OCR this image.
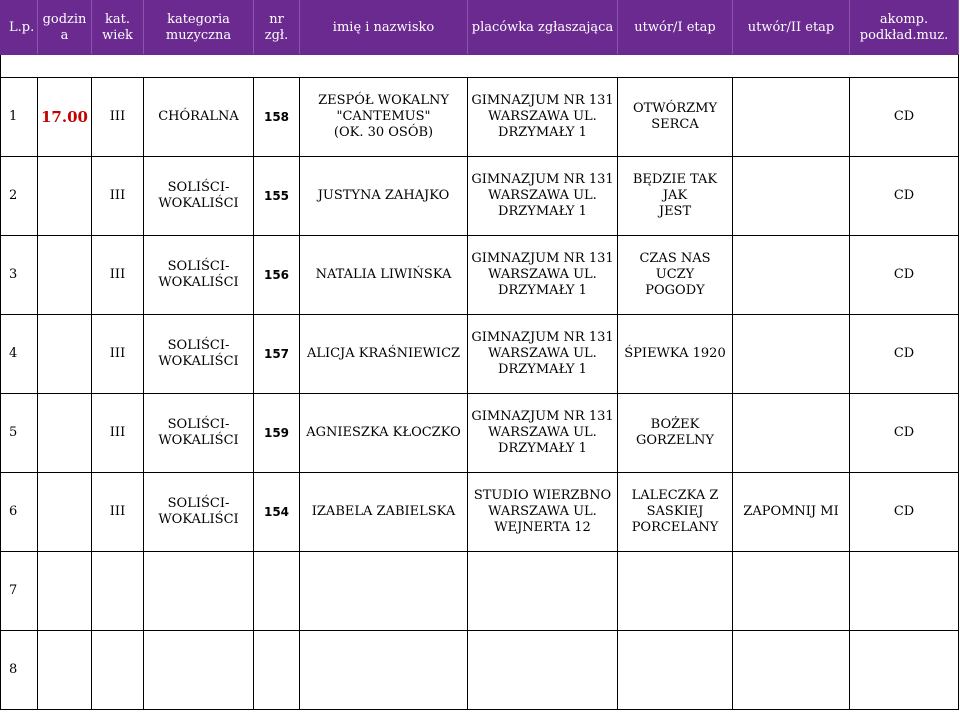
L.p.	godzina	kat.
wiek	kategoria
muzyczna	nr zgł.	imię i nazwisko	placówka zgłaszająca	utwór/I etap	utwór/II etap	akomp.
podkład.muz.

1	17.00	III	CHÓRALNA	158	ZESPÓŁ WOKALNY
"CANTEMUS"
(OK. 30 OSÓB)	GIMNAZJUM NR 131
WARSZAWA UL.
DRZYMAŁY 1	OTWÓRZMY
SERCA		CD
2		III	SOLIŚCI-
WOKALIŚCI	155	JUSTYNA ZAHAJKO	GIMNAZJUM NR 131
WARSZAWA UL.
DRZYMAŁY 1	BĘDZIE TAK JAK
JEST		CD
3		III	SOLIŚCI-
WOKALIŚCI	156	NATALIA LIWIŃSKA	GIMNAZJUM NR 131
WARSZAWA UL.
DRZYMAŁY 1	CZAS NAS UCZY
POGODY		CD
4		III	SOLIŚCI-
WOKALIŚCI	157	ALICJA KRAŚNIEWICZ	GIMNAZJUM NR 131
WARSZAWA UL.
DRZYMAŁY 1	ŚPIEWKA 1920		CD
5		III	SOLIŚCI-
WOKALIŚCI	159	AGNIESZKA KŁOCZKO	GIMNAZJUM NR 131
WARSZAWA UL.
DRZYMAŁY 1	BOŻEK GORZELNY		CD
6		III	SOLIŚCI-
WOKALIŚCI	154	IZABELA ZABIELSKA	STUDIO WIERZBNO
WARSZAWA UL.
WEJNERTA 12	LALECZKA Z
SASKIEJ
PORCELANY	ZAPOMNIJ MI	CD
7									
8									
